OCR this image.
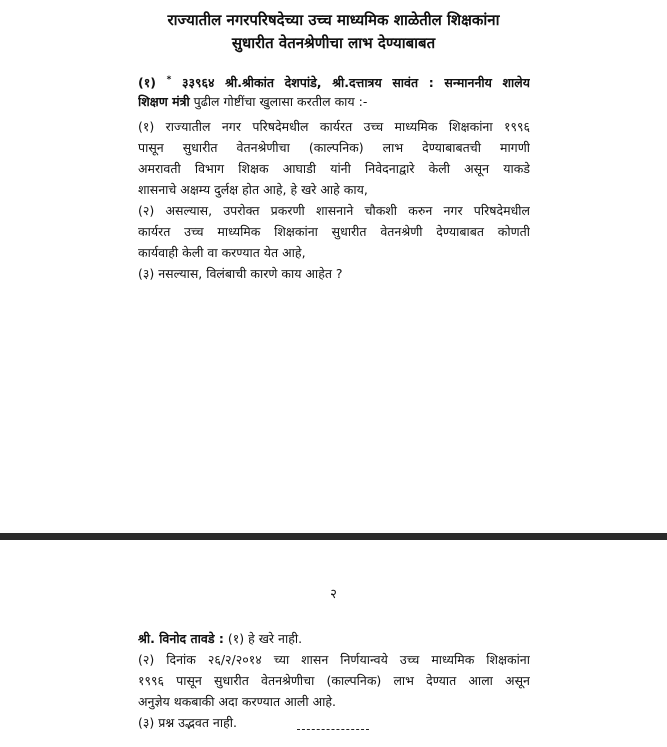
राज्यातील नगरपरिषदेच्या उच्च माध्यमिक शाळेतील शिक्षकांना
सुधारीत वेतनश्रेणीचा लाभ देण्याबाबत
(१) * ३३९६४ श्री.श्रीकांत देशपांडे, श्री.दत्तात्रय सावंत : सन्माननीय शालेय
शिक्षण मंत्री पुढील गोष्टींचा खुलासा करतील काय :-
(१) राज्यातील नगर परिषदेमधील कार्यरत उच्च माध्यमिक शिक्षकांना १९९६
पासून सुधारीत वेतनश्रेणीचा (काल्पनिक) लाभ देण्याबाबतची मागणी
अमरावती विभाग शिक्षक आघाडी यांनी निवेदनाद्वारे केली असून याकडे
शासनाचे अक्षम्य दुर्लक्ष होत आहे, हे खरे आहे काय,
(२) असल्यास, उपरोक्त प्रकरणी शासनाने चौकशी करुन नगर परिषदेमधील
कार्यरत उच्च माध्यमिक शिक्षकांना सुधारीत वेतनश्रेणी देण्याबाबत कोणती
कार्यवाही केली वा करण्यात येत आहे,
(३) नसल्यास, विलंबाची कारणे काय आहेत ?
२
श्री. विनोद तावडे : (१) हे खरे नाही.
(२) दिनांक २६/२/२०१४ च्या शासन निर्णयान्वये उच्च माध्यमिक शिक्षकांना
१९९६ पासून सुधारीत वेतनश्रेणीचा (काल्पनिक) लाभ देण्यात आला असून
अनुज्ञेय थकबाकी अदा करण्यात आली आहे.
(३) प्रश्न उद्भवत नाही.
